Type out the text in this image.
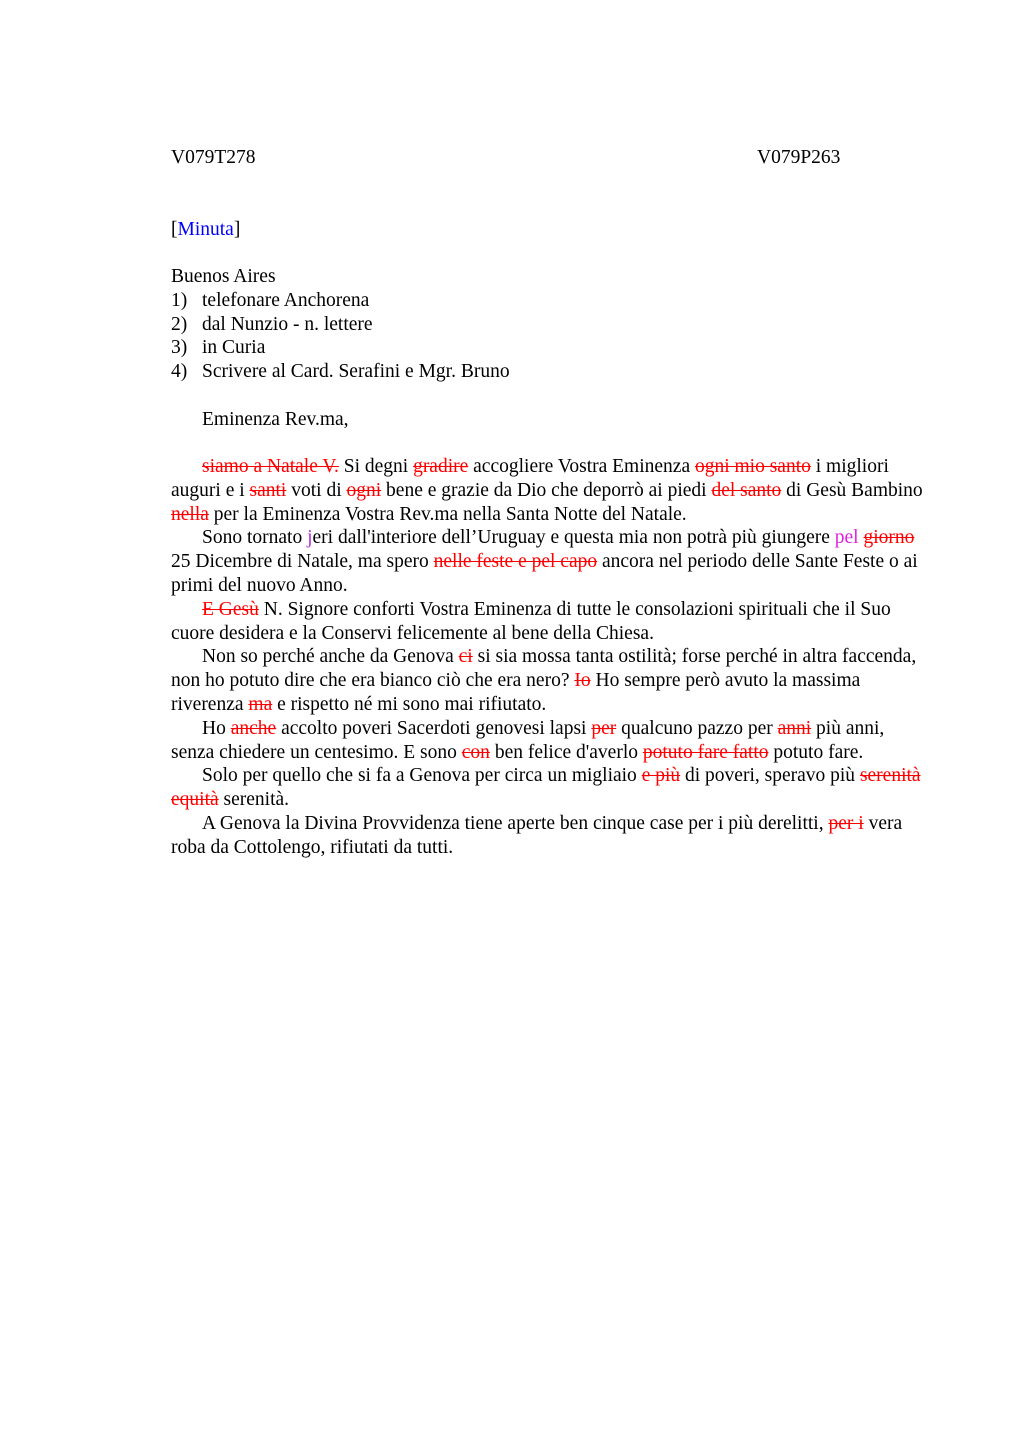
V079T278	V079P263
[Minuta]
Buenos Aires
1) telefonare Anchorena
2) dal Nunzio - n. lettere
3) in Curia
4) Scrivere al Card. Serafini e Mgr. Bruno
Eminenza Rev.ma,

siamo a Natale V. Si degni gradire accogliere Vostra Eminenza ogni mio santo i migliori auguri e i santi voti di ogni bene e grazie da Dio che deporrò ai piedi del santo di Gesù Bambino nella per la Eminenza Vostra Rev.ma nella Santa Notte del Natale.

Sono tornato jeri dall'interiore dell’Uruguay e questa mia non potrà più giungere pel giorno 25 Dicembre di Natale, ma spero nelle feste e pel capo ancora nel periodo delle Sante Feste o ai primi del nuovo Anno.

E Gesù N. Signore conforti Vostra Eminenza di tutte le consolazioni spirituali che il Suo cuore desidera e la Conservi felicemente al bene della Chiesa.

Non so perché anche da Genova ci si sia mossa tanta ostilità; forse perché in altra faccenda, non ho potuto dire che era bianco ciò che era nero? Io Ho sempre però avuto la massima riverenza ma e rispetto né mi sono mai rifiutato.

Ho anche accolto poveri Sacerdoti genovesi lapsi per qualcuno pazzo per anni più anni, senza chiedere un centesimo. E sono con ben felice d'averlo potuto fare fatto potuto fare.

Solo per quello che si fa a Genova per circa un migliaio e più di poveri, speravo più serenità equità serenità.

A Genova la Divina Provvidenza tiene aperte ben cinque case per i più derelitti, per i vera roba da Cottolengo, rifiutati da tutti.
